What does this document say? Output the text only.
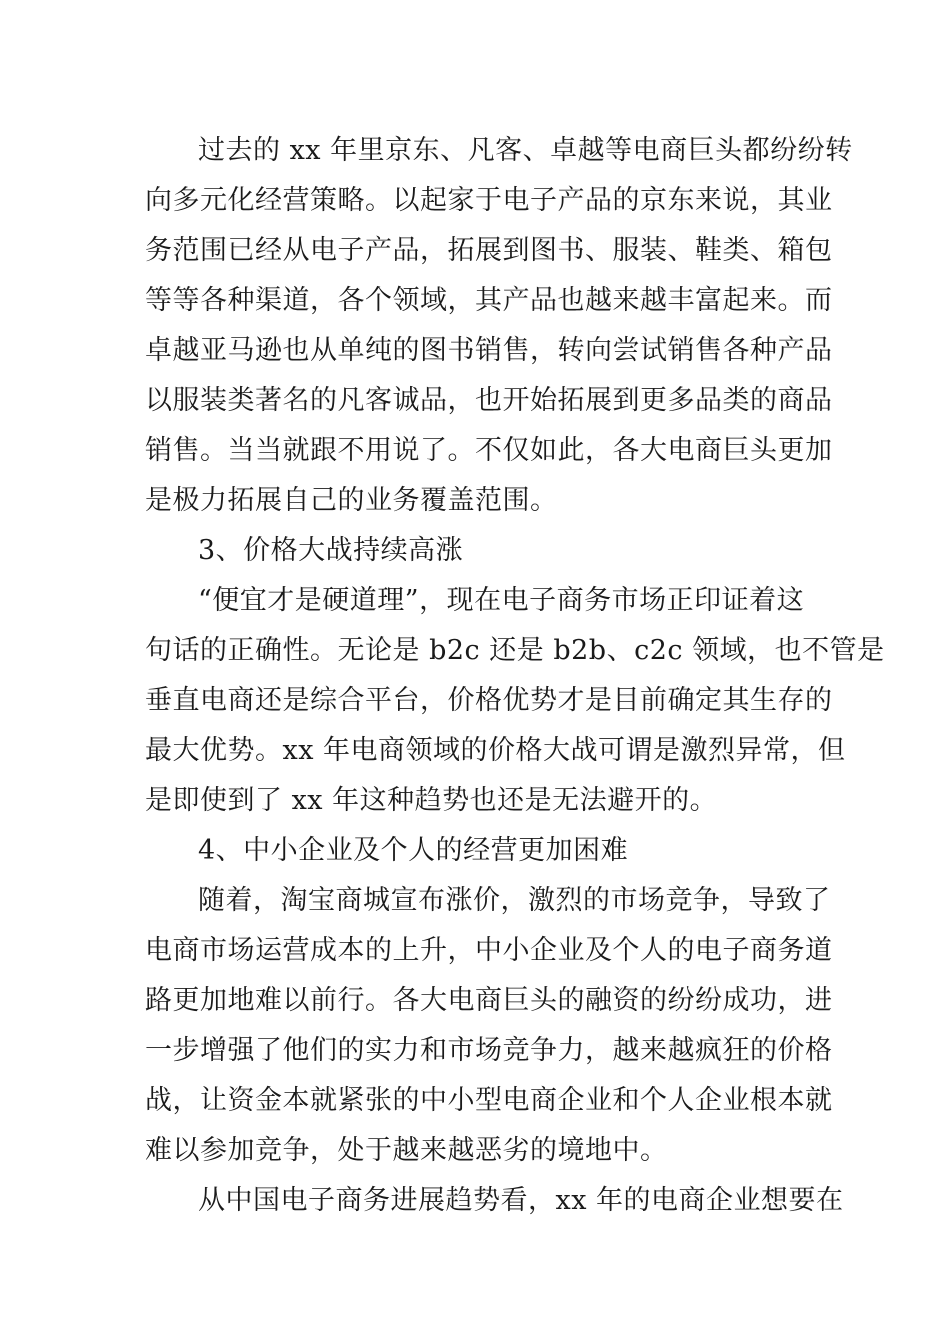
过去的 xx 年里京东、凡客、卓越等电商巨头都纷纷转
向多元化经营策略。以起家于电子产品的京东来说，其业
务范围已经从电子产品，拓展到图书、服装、鞋类、箱包
等等各种渠道，各个领域，其产品也越来越丰富起来。而
卓越亚马逊也从单纯的图书销售，转向尝试销售各种产品
以服装类著名的凡客诚品，也开始拓展到更多品类的商品
销售。当当就跟不用说了。不仅如此，各大电商巨头更加
是极力拓展自己的业务覆盖范围。
3、价格大战持续高涨
“便宜才是硬道理”，现在电子商务市场正印证着这
句话的正确性。无论是 b2c 还是 b2b、c2c 领域，也不管是
垂直电商还是综合平台，价格优势才是目前确定其生存的
最大优势。xx 年电商领域的价格大战可谓是激烈异常，但
是即使到了 xx 年这种趋势也还是无法避开的。
4、中小企业及个人的经营更加困难
随着，淘宝商城宣布涨价，激烈的市场竞争，导致了
电商市场运营成本的上升，中小企业及个人的电子商务道
路更加地难以前行。各大电商巨头的融资的纷纷成功，进
一步增强了他们的实力和市场竞争力，越来越疯狂的价格
战，让资金本就紧张的中小型电商企业和个人企业根本就
难以参加竞争，处于越来越恶劣的境地中。
从中国电子商务进展趋势看，xx 年的电商企业想要在
